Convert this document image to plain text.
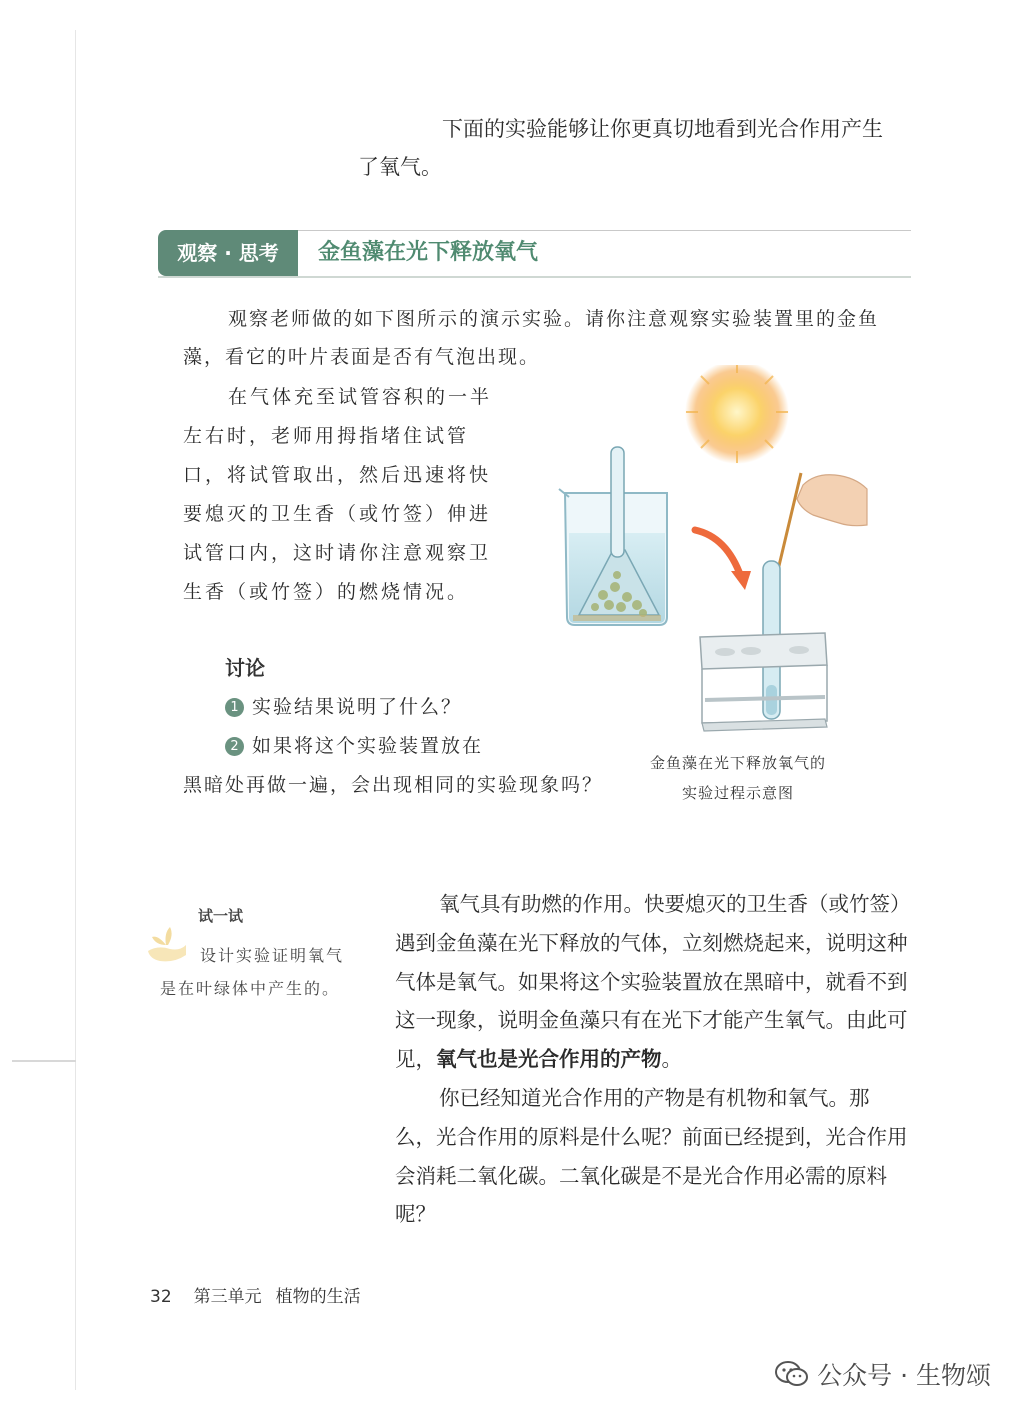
下面的实验能够让你更真切地看到光合作用产生
了氧气。

观察 · 思考	金鱼藻在光下释放氧气

观察老师做的如下图所示的演示实验。请你注意观察实验装置里的金鱼藻，看它的叶片表面是否有气泡出现。

在气体充至试管容积的一半左右时，老师用拇指堵住试管口，将试管取出，然后迅速将快要熄灭的卫生香（或竹签）伸进试管口内，这时请你注意观察卫生香（或竹签）的燃烧情况。

讨论
1 实验结果说明了什么？
2 如果将这个实验装置放在
黑暗处再做一遍，会出现相同的实验现象吗？
金鱼藻在光下释放氧气的
实验过程示意图
试一试

设计实验证明氧气是在叶绿体中产生的。

氧气具有助燃的作用。快要熄灭的卫生香（或竹签）遇到金鱼藻在光下释放的气体，立刻燃烧起来，说明这种气体是氧气。如果将这个实验装置放在黑暗中，就看不到这一现象，说明金鱼藻只有在光下才能产生氧气。由此可见，氧气也是光合作用的产物。

你已经知道光合作用的产物是有机物和氧气。那么，光合作用的原料是什么呢？前面已经提到，光合作用会消耗二氧化碳。二氧化碳是不是光合作用必需的原料呢？

32 第三单元 植物的生活
公众号 · 生物颂
